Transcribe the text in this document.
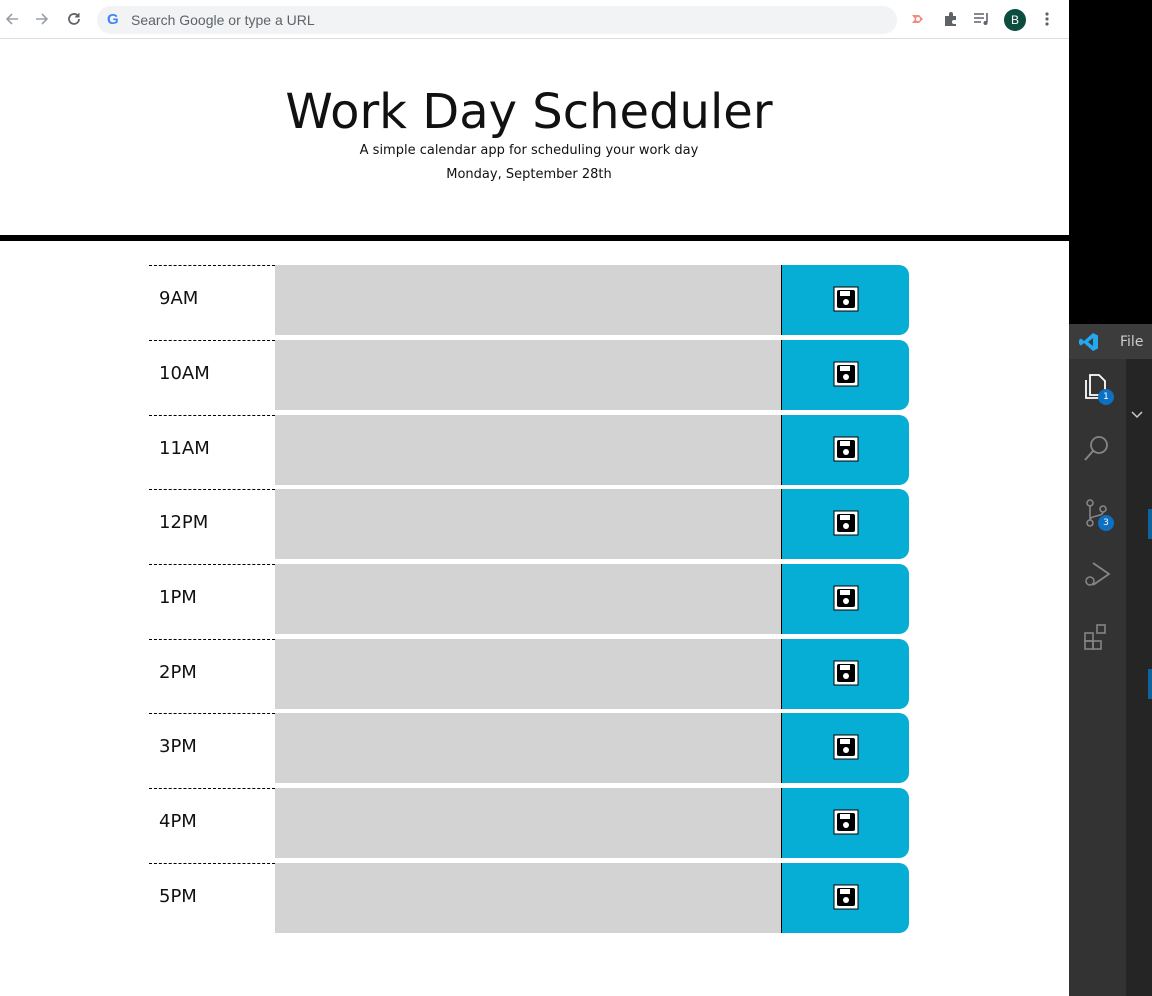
G Search Google or type a URL	B
Work Day Scheduler
A simple calendar app for scheduling your work day
Monday, September 28th
9AM
10AM
11AM
12PM
1PM
2PM
3PM
4PM
5PM
File
1
3
